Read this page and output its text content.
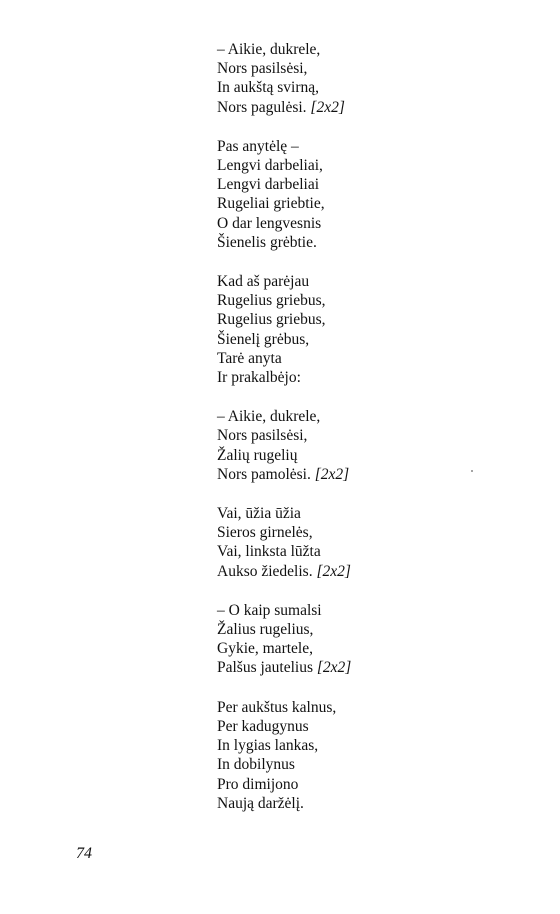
– Aikie, dukrele,
Nors pasilsėsi,
In aukštą svirną,
Nors pagulėsi. [2x2]
Pas anytėlę –
Lengvi darbeliai,
Lengvi darbeliai
Rugeliai griebtie,
O dar lengvesnis
Šienelis grėbtie.
Kad aš parėjau
Rugelius griebus,
Rugelius griebus,
Šienelį grėbus,
Tarė anyta
Ir prakalbėjo:
– Aikie, dukrele,
Nors pasilsėsi,
Žalių rugelių
Nors pamolėsi. [2x2]
Vai, ūžia ūžia
Sieros girnelės,
Vai, linksta lūžta
Aukso žiedelis. [2x2]
– O kaip sumalsi
Žalius rugelius,
Gykie, martele,
Palšus jautelius [2x2]
Per aukštus kalnus,
Per kadugynus
In lygias lankas,
In dobilynus
Pro dimijono
Naują daržėlį.
74
